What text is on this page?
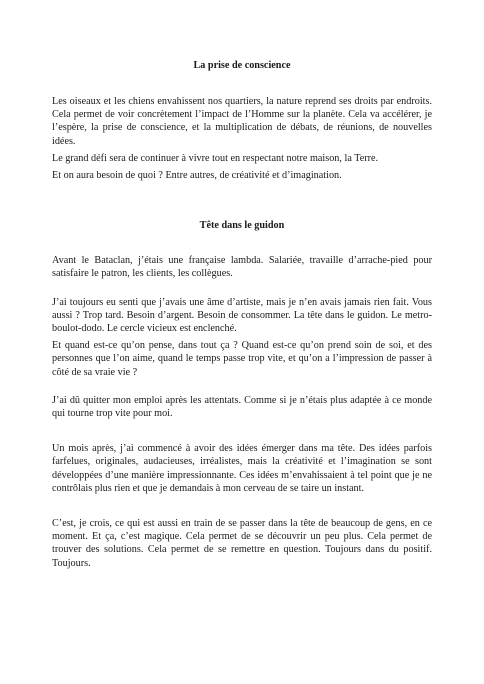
La prise de conscience

Les oiseaux et les chiens envahissent nos quartiers, la nature reprend ses droits par endroits. Cela permet de voir concrètement l’impact de l’Homme sur la planète. Cela va accélérer, je l’espère, la prise de conscience, et la multiplication de débats, de réunions, de nouvelles idées.

Le grand défi sera de continuer à vivre tout en respectant notre maison, la Terre.

Et on aura besoin de quoi ? Entre autres, de créativité et d’imagination.

Tête dans le guidon

Avant le Bataclan, j’étais une française lambda. Salariée, travaille d’arrache-pied pour satisfaire le patron, les clients, les collègues.

J’ai toujours eu senti que j’avais une âme d’artiste, mais je n’en avais jamais rien fait. Vous aussi ? Trop tard. Besoin d’argent. Besoin de consommer. La tête dans le guidon. Le metro-boulot-dodo. Le cercle vicieux est enclenché.

Et quand est-ce qu’on pense, dans tout ça ? Quand est-ce qu’on prend soin de soi, et des personnes que l’on aime, quand le temps passe trop vite, et qu’on a l’impression de passer à côté de sa vraie vie ?

J’ai dû quitter mon emploi après les attentats. Comme si je n’étais plus adaptée à ce monde qui tourne trop vite pour moi.

Un mois après, j’ai commencé à avoir des idées émerger dans ma tête. Des idées parfois farfelues, originales, audacieuses, irréalistes, mais la créativité et l’imagination se sont développées d’une manière impressionnante. Ces idées m’envahissaient à tel point que je ne contrôlais plus rien et que je demandais à mon cerveau de se taire un instant.

C’est, je crois, ce qui est aussi en train de se passer dans la tête de beaucoup de gens, en ce moment. Et ça, c’est magique. Cela permet de se découvrir un peu plus. Cela permet de trouver des solutions. Cela permet de se remettre en question. Toujours dans du positif. Toujours.
